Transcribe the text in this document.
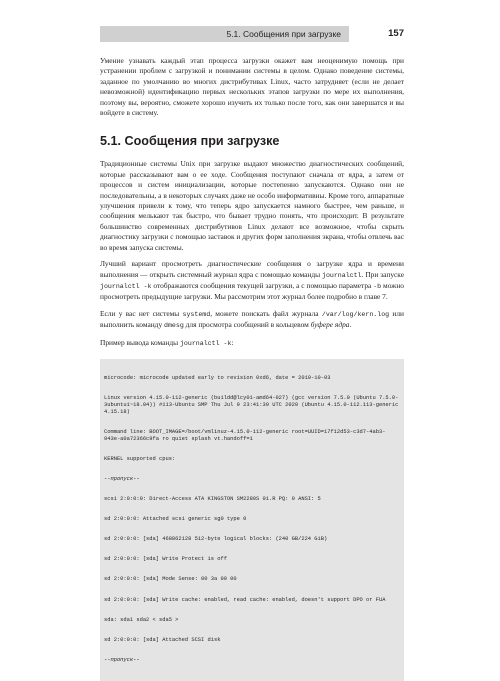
5.1. Сообщения при загрузке	157

Умение узнавать каждый этап процесса загрузки окажет вам неоценимую помощь при устранении проблем с загрузкой и понимании системы в целом. Однако поведение системы, заданное по умолчанию во многих дистрибутивах Linux, часто затрудняет (если не делает невозможной) идентификацию первых нескольких этапов загрузки по мере их выполнения, поэтому вы, вероятно, сможете хорошо изучить их только после того, как они завершатся и вы войдете в систему.

5.1. Сообщения при загрузке

Традиционные системы Unix при загрузке выдают множество диагностических сообщений, которые рассказывают вам о ее ходе. Сообщения поступают сначала от ядра, а затем от процессов и систем инициализации, которые постепенно запускаются. Однако они не последовательны, а в некоторых случаях даже не особо информативны. Кроме того, аппаратные улучшения привели к тому, что теперь ядро запускается намного быстрее, чем раньше, и сообщения мелькают так быстро, что бывает трудно понять, что происходит. В результате большинство современных дистрибутивов Linux делают все возможное, чтобы скрыть диагностику загрузки с помощью заставок и других форм заполнения экрана, чтобы отвлечь вас во время запуска системы.

Лучший вариант просмотреть диагностические сообщения о загрузке ядра и времени выполнения — открыть системный журнал ядра с помощью команды journalctl. При запуске journalctl -k отображаются сообщения текущей загрузки, а с помощью параметра -b можно просмотреть предыдущие загрузки. Мы рассмотрим этот журнал более подробно в главе 7.

Если у вас нет системы systemd, можете поискать файл журнала /var/log/kern.log или выполнить команду dmesg для просмотра сообщений в кольцевом буфере ядра.

Пример вывода команды journalctl -k:

microcode: microcode updated early to revision 0xd6, date = 2019-10-03

Linux version 4.15.0-112-generic (buildd@lcy01-amd64-027) (gcc version 7.5.0 (Ubuntu 7.5.0-3ubuntu1~18.04)) #113-Ubuntu SMP Thu Jul 9 23:41:39 UTC 2020 (Ubuntu 4.15.0-112.113-generic 4.15.18)

Command line: BOOT_IMAGE=/boot/vmlinuz-4.15.0-112-generic root=UUID=17f12d53-c3d7-4ab3-943e-a0a72366c9fa ro quiet splash vt.handoff=1

KERNEL supported cpus:

--пропуск--

scsi 2:0:0:0: Direct-Access ATA KINGSTON SM2280S 01.R PQ: 0 ANSI: 5

sd 2:0:0:0: Attached scsi generic sg0 type 0

sd 2:0:0:0: [sda] 468862128 512-byte logical blocks: (240 GB/224 GiB)

sd 2:0:0:0: [sda] Write Protect is off

sd 2:0:0:0: [sda] Mode Sense: 00 3a 00 00

sd 2:0:0:0: [sda] Write cache: enabled, read cache: enabled, doesn't support DPO or FUA

sda: sda1 sda2 < sda5 >

sd 2:0:0:0: [sda] Attached SCSI disk

--пропуск--
